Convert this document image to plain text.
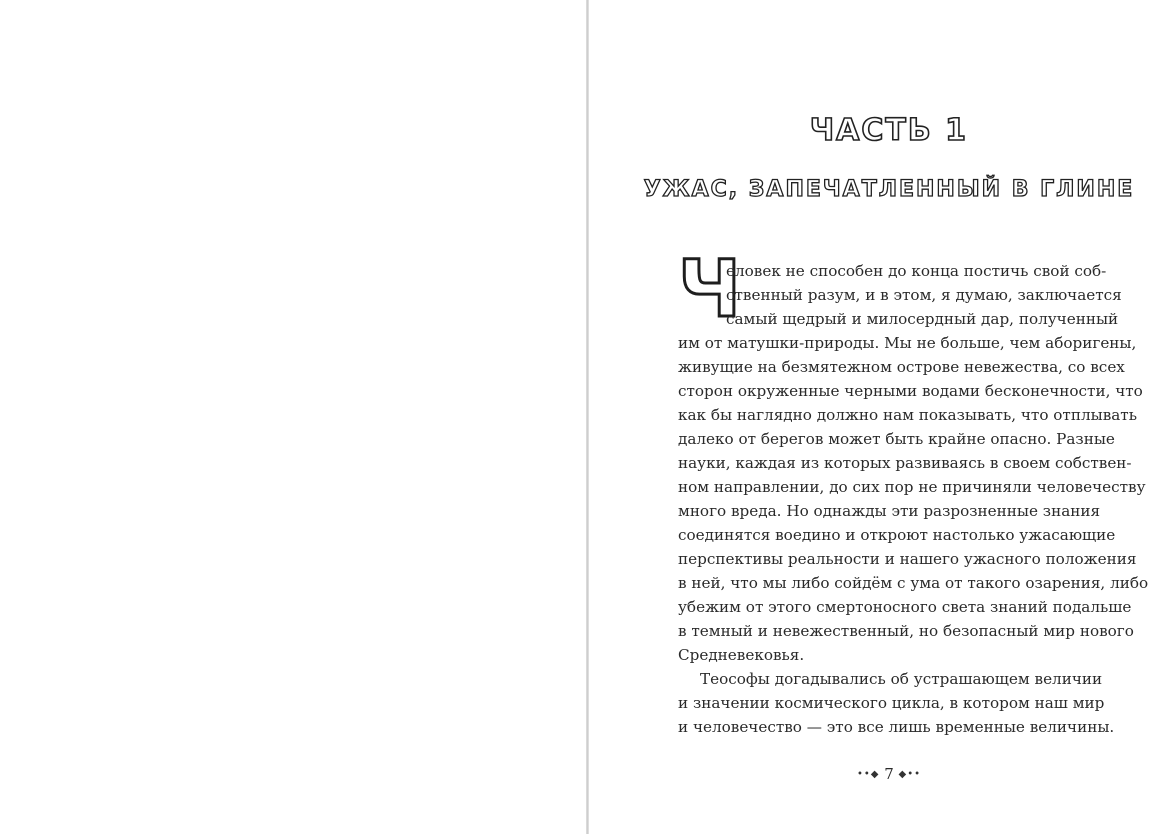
ЧАСТЬ 1
УЖАС, ЗАПЕЧАТЛЕННЫЙ В ГЛИНЕ
Ч
еловек не способен до конца постичь свой соб-
ственный разум, и в этом, я думаю, заключается
самый щедрый и милосердный дар, полученный
им от матушки-природы. Мы не больше, чем аборигены,
живущие на безмятежном острове невежества, со всех
сторон окруженные черными водами бесконечности, что
как бы наглядно должно нам показывать, что отплывать
далеко от берегов может быть крайне опасно. Разные
науки, каждая из которых развиваясь в своем собствен-
ном направлении, до сих пор не причиняли человечеству
много вреда. Но однажды эти разрозненные знания
соединятся воедино и откроют настолько ужасающие
перспективы реальности и нашего ужасного положения
в ней, что мы либо сойдём с ума от такого озарения, либо
убежим от этого смертоносного света знаний подальше
в темный и невежественный, но безопасный мир нового
Средневековья.
Теософы догадывались об устрашающем величии
и значении космического цикла, в котором наш мир
и человечество — это все лишь временные величины.
••◆ 7 ◆••
